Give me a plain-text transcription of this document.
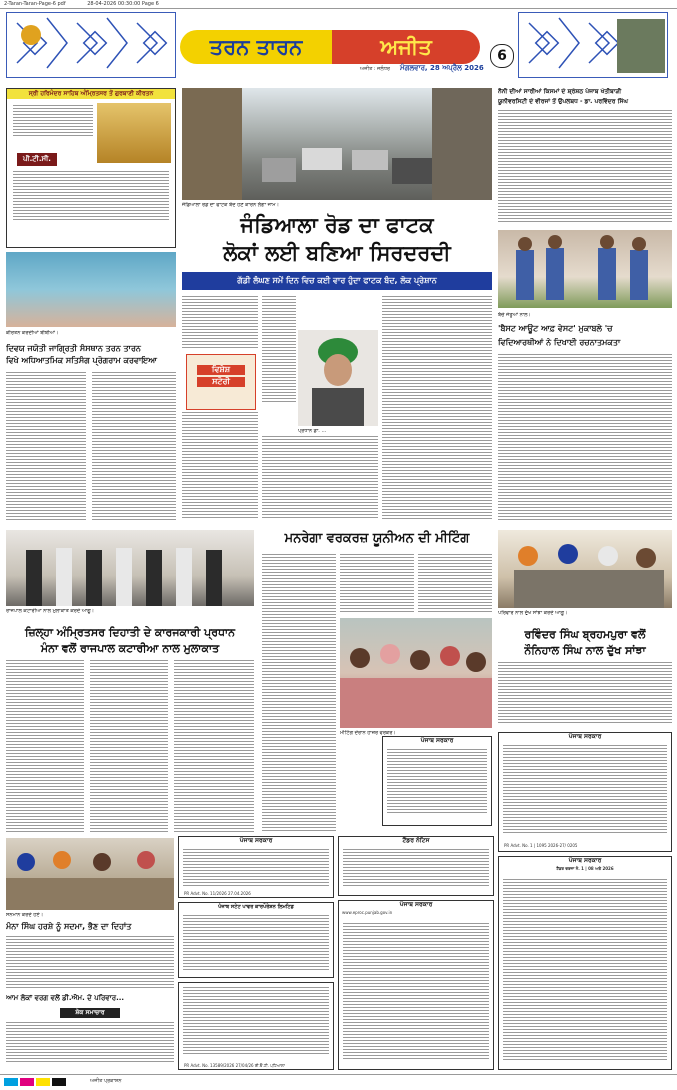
2-Taran-Taran-Page-6 pdf	28-04-2026 00:30:00 Page 6
ਤਰਨ ਤਾਰਨ	ਅਜੀਤ
ਅਜੀਤ : ਜਲੰਧਰ ਮੰਗਲਵਾਰ, 28 ਅਪ੍ਰੈਲ 2026
6
ਸ੍ਰੀ ਹਰਿਮੰਦਰ ਸਾਹਿਬ ਅੰਮ੍ਰਿਤਸਰ ਤੋਂ ਗੁਰਬਾਣੀ ਕੀਰਤਨ
ਪੀ.ਟੀ.ਸੀ.
ਕੀਰਤਨ ਕਰਦੀਆਂ ਬੀਬੀਆਂ।
ਦਿਵਯ ਜਯੋਤੀ ਜਾਗ੍ਰਿਤੀ ਸੰਸਥਾਨ ਤਰਨ ਤਾਰਨ
ਵਿਖੇ ਅਧਿਆਤਮਿਕ ਸਤਿਸੰਗ ਪ੍ਰੋਗਰਾਮ ਕਰਵਾਇਆ
ਜੰਡਿਆਲਾ ਰੋਡ ਦਾ ਫਾਟਕ ਬੰਦ ਹੋਣ ਕਾਰਨ ਲੱਗਾ ਜਾਮ।
ਜੰਡਿਆਲਾ ਰੋਡ ਦਾ ਫਾਟਕ
ਲੋਕਾਂ ਲਈ ਬਣਿਆ ਸਿਰਦਰਦੀ
ਗੱਡੀ ਲੰਘਣ ਸਮੇਂ ਦਿਨ ਵਿਚ ਕਈ ਵਾਰ ਹੁੰਦਾ ਫਾਟਕ ਬੰਦ, ਲੋਕ ਪ੍ਰੇਸ਼ਾਨ
ਵਿਸ਼ੇਸ਼
ਸਟੋਰੀ
ਪ੍ਰਧਾਨ ਡਾ. ...
ਨੈਨੀ ਦੀਆਂ ਸਾਰੀਆਂ ਕਿਸਮਾਂ ਦੇ ਸ਼੍ਰੇਸ਼ਠ ਪੰਜਾਬ ਖੇਤੀਬਾੜੀ
ਯੂਨੀਵਰਸਿਟੀ ਦੇ ਵੀਰਜਾਂ ਤੋਂ ਉਪਲਬਧ - ਡਾ. ਪਰਵਿੰਦਰ ਸਿੰਘ
ਬੱਚੇ ਜੇਤੂਆਂ ਨਾਲ।
'ਬੈਸਟ ਆਊਟ ਆਫ਼ ਵੇਸਟ' ਮੁਕਾਬਲੇ 'ਚ
ਵਿਦਿਆਰਥੀਆਂ ਨੇ ਦਿਖਾਈ ਰਚਨਾਤਮਕਤਾ
ਰਾਜਪਾਲ ਕਟਾਰੀਆ ਨਾਲ ਮੁਲਾਕਾਤ ਕਰਦੇ ਆਗੂ।
ਜ਼ਿਲ੍ਹਾ ਅੰਮ੍ਰਿਤਸਰ ਦਿਹਾਤੀ ਦੇ ਕਾਰਜਕਾਰੀ ਪ੍ਰਧਾਨ
ਮੰਨਾ ਵਲੋਂ ਰਾਜਪਾਲ ਕਟਾਰੀਆ ਨਾਲ ਮੁਲਾਕਾਤ
ਮਨਰੇਗਾ ਵਰਕਰਜ਼ ਯੂਨੀਅਨ ਦੀ ਮੀਟਿੰਗ
ਮੀਟਿੰਗ ਦੌਰਾਨ ਹਾਜ਼ਰ ਵਰਕਰ।
ਪਰਿਵਾਰ ਨਾਲ ਦੁੱਖ ਸਾਂਝਾ ਕਰਦੇ ਆਗੂ।
ਰਵਿੰਦਰ ਸਿੰਘ ਬ੍ਰਹਮਪੁਰਾ ਵਲੋਂ
ਨੌਨਿਹਾਲ ਸਿੰਘ ਨਾਲ ਦੁੱਖ ਸਾਂਝਾ
ਪੰਜਾਬ ਸਰਕਾਰ
ਪੰਜਾਬ ਸਰਕਾਰ
PR Advt. No. 1 | 1095 2026-27/ 0205
ਸਨਮਾਨ ਕਰਦੇ ਹੋਏ।
ਮੰਨਾ ਸਿੰਘ ਹਰਸ਼ੇ ਨੂੰ ਸਦਮਾ, ਭੈਣ ਦਾ ਦਿਹਾਂਤ
ਆਮ ਲੋਕਾਂ ਵਰਗ ਵਲੋਂ ਡੀ.ਐਮ. ਦੇ ਪਰਿਵਾਰ...
ਸ਼ੋਕ ਸਮਾਚਾਰ
ਪੰਜਾਬ ਸਰਕਾਰ
PR Advt. No. 11/2026 27.04.2026
ਪੰਜਾਬ ਸਟੇਟ ਪਾਵਰ ਕਾਰਪੋਰੇਸ਼ਨ ਲਿਮਟਿਡ
PR Advt. No. 13589/2026 27/04/26 ਈ.ਓ.ਟੀ. ਪਟਿਆਲਾ
ਟੈਂਡਰ ਨੋਟਿਸ
ਪੰਜਾਬ ਸਰਕਾਰ
www.eproc.punjab.gov.in
ਪੰਜਾਬ ਸਰਕਾਰ
ਟੈਂਡਰ ਦਰਜਾ ਨੰ. 1 | 08 ਅਤੇ 2026
ਅਜੀਤ ਪ੍ਰਕਾਸ਼ਨ
